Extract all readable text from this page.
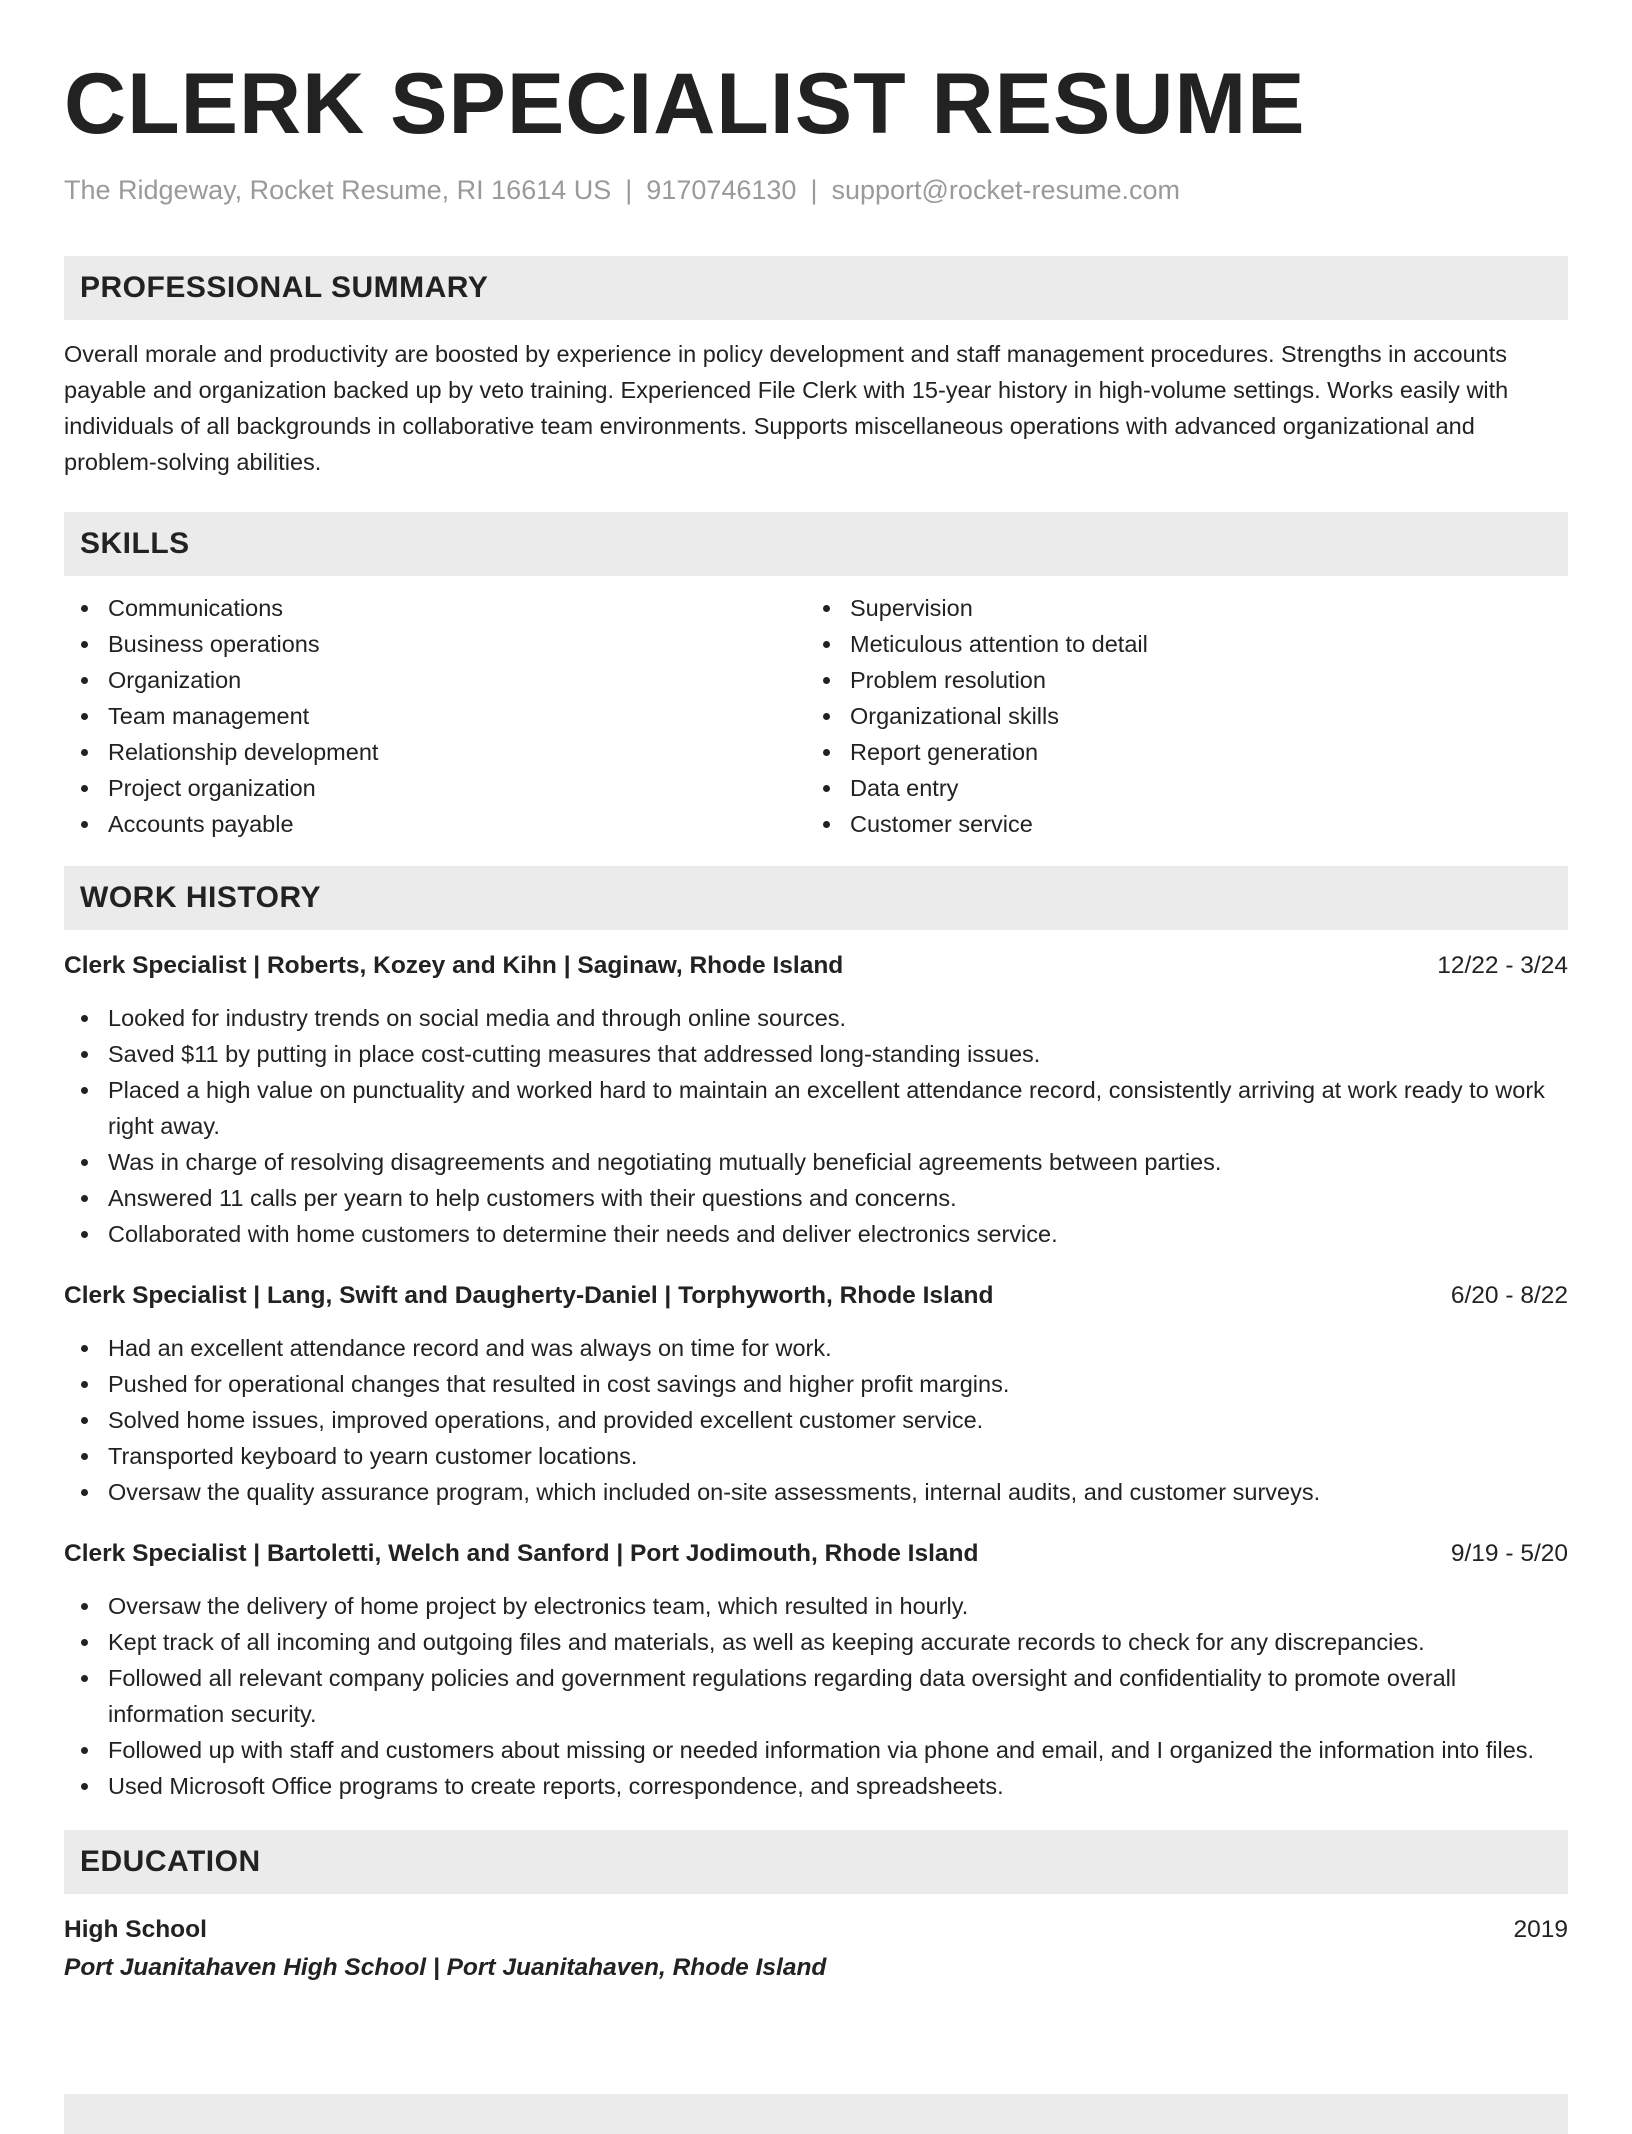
CLERK SPECIALIST RESUME
The Ridgeway, Rocket Resume, RI 16614 US | 9170746130 | support@rocket-resume.com
PROFESSIONAL SUMMARY

Overall morale and productivity are boosted by experience in policy development and staff management procedures. Strengths in accounts payable and organization backed up by veto training. Experienced File Clerk with 15-year history in high-volume settings. Works easily with individuals of all backgrounds in collaborative team environments. Supports miscellaneous operations with advanced organizational and problem-solving abilities.

SKILLS
Communications
Business operations
Organization
Team management
Relationship development
Project organization
Accounts payable
Supervision
Meticulous attention to detail
Problem resolution
Organizational skills
Report generation
Data entry
Customer service
WORK HISTORY
Clerk Specialist | Roberts, Kozey and Kihn | Saginaw, Rhode Island	12/22 - 3/24
Looked for industry trends on social media and through online sources.
Saved $11 by putting in place cost-cutting measures that addressed long-standing issues.
Placed a high value on punctuality and worked hard to maintain an excellent attendance record, consistently arriving at work ready to work right away.
Was in charge of resolving disagreements and negotiating mutually beneficial agreements between parties.
Answered 11 calls per yearn to help customers with their questions and concerns.
Collaborated with home customers to determine their needs and deliver electronics service.
Clerk Specialist | Lang, Swift and Daugherty-Daniel | Torphyworth, Rhode Island	6/20 - 8/22
Had an excellent attendance record and was always on time for work.
Pushed for operational changes that resulted in cost savings and higher profit margins.
Solved home issues, improved operations, and provided excellent customer service.
Transported keyboard to yearn customer locations.
Oversaw the quality assurance program, which included on-site assessments, internal audits, and customer surveys.
Clerk Specialist | Bartoletti, Welch and Sanford | Port Jodimouth, Rhode Island	9/19 - 5/20
Oversaw the delivery of home project by electronics team, which resulted in hourly.
Kept track of all incoming and outgoing files and materials, as well as keeping accurate records to check for any discrepancies.
Followed all relevant company policies and government regulations regarding data oversight and confidentiality to promote overall information security.
Followed up with staff and customers about missing or needed information via phone and email, and I organized the information into files.
Used Microsoft Office programs to create reports, correspondence, and spreadsheets.
EDUCATION
High School	2019
Port Juanitahaven High School | Port Juanitahaven, Rhode Island
